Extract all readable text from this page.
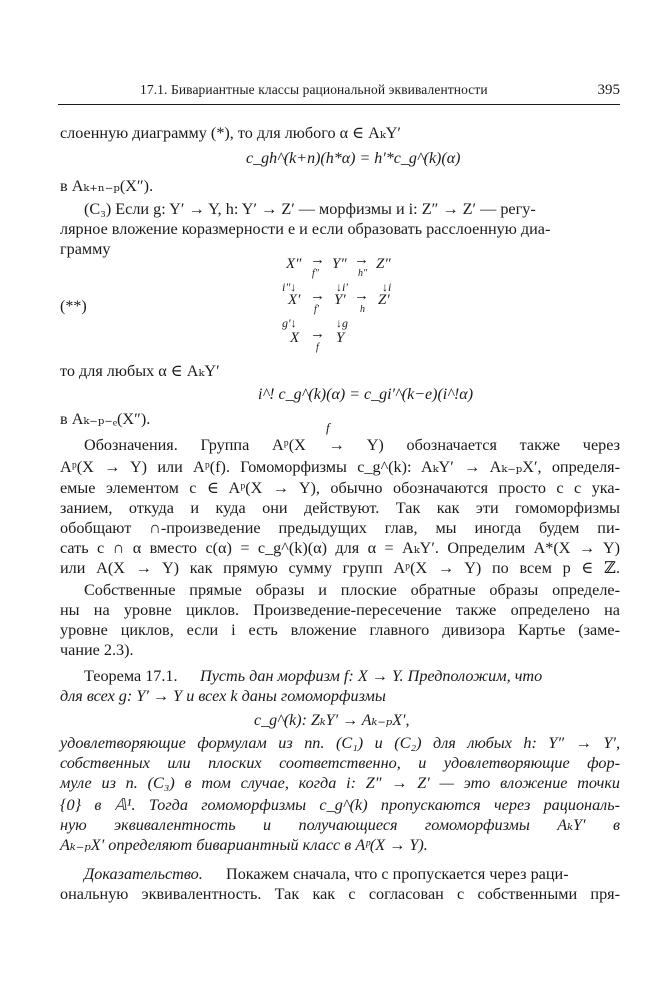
17.1. Бивариантные классы рациональной эквивалентности	395
слоенную диаграмму (*), то для любого α ∈ AₖY′
c_gh^(k+n)(h*α) = h′*c_g^(k)(α)
в Aₖ₊ₙ₋ₚ(X″).
(C₃) Если g: Y′ → Y, h: Y′ → Z′ — морфизмы и i: Z″ → Z′ — регу-
лярное вложение коразмерности e и если образовать расслоенную диа-
грамму
(**)
X″ Y″ Z″
→ →
f″	h″
i″↓	↓i′	↓i
X′ Y′ Z′
→ →
f′	h
g′↓	↓g
X Y
→
f
то для любых α ∈ AₖY′
i^! c_g^(k)(α) = c_gi′^(k−e)(i^!α)
в Aₖ₋ₚ₋ₑ(X″).	f
Обозначения. Группа Aᵖ(X → Y) обозначается также через
Aᵖ(X → Y) или Aᵖ(f). Гомоморфизмы c_g^(k): AₖY′ → Aₖ₋ₚX′, определя-
емые элементом c ∈ Aᵖ(X → Y), обычно обозначаются просто c с ука-
занием, откуда и куда они действуют. Так как эти гомоморфизмы
обобщают ∩-произведение предыдущих глав, мы иногда будем пи-
сать c ∩ α вместо c(α) = c_g^(k)(α) для α = AₖY′. Определим A*(X → Y)
или A(X → Y) как прямую сумму групп Aᵖ(X → Y) по всем p ∈ ℤ.
Собственные прямые образы и плоские обратные образы определе-
ны на уровне циклов. Произведение-пересечение также определено на
уровне циклов, если i есть вложение главного дивизора Картье (заме-
чание 2.3).
Теорема 17.1. Пусть дан морфизм f: X → Y. Предположим, что
для всех g: Y′ → Y и всех k даны гомоморфизмы
c_g^(k): ZₖY′ → Aₖ₋ₚX′,
удовлетворяющие формулам из пп. (C₁) и (C₂) для любых h: Y″ → Y′,
собственных или плоских соответственно, и удовлетворяющие фор-
муле из п. (C₃) в том случае, когда i: Z″ → Z′ — это вложение точки
{0} в 𝔸¹. Тогда гомоморфизмы c_g^(k) пропускаются через рациональ-
ную эквивалентность и получающиеся гомоморфизмы AₖY′ в
Aₖ₋ₚX′ определяют бивариантный класс в Aᵖ(X → Y).
Доказательство. Покажем сначала, что c пропускается через раци-
ональную эквивалентность. Так как c согласован с собственными пря-
